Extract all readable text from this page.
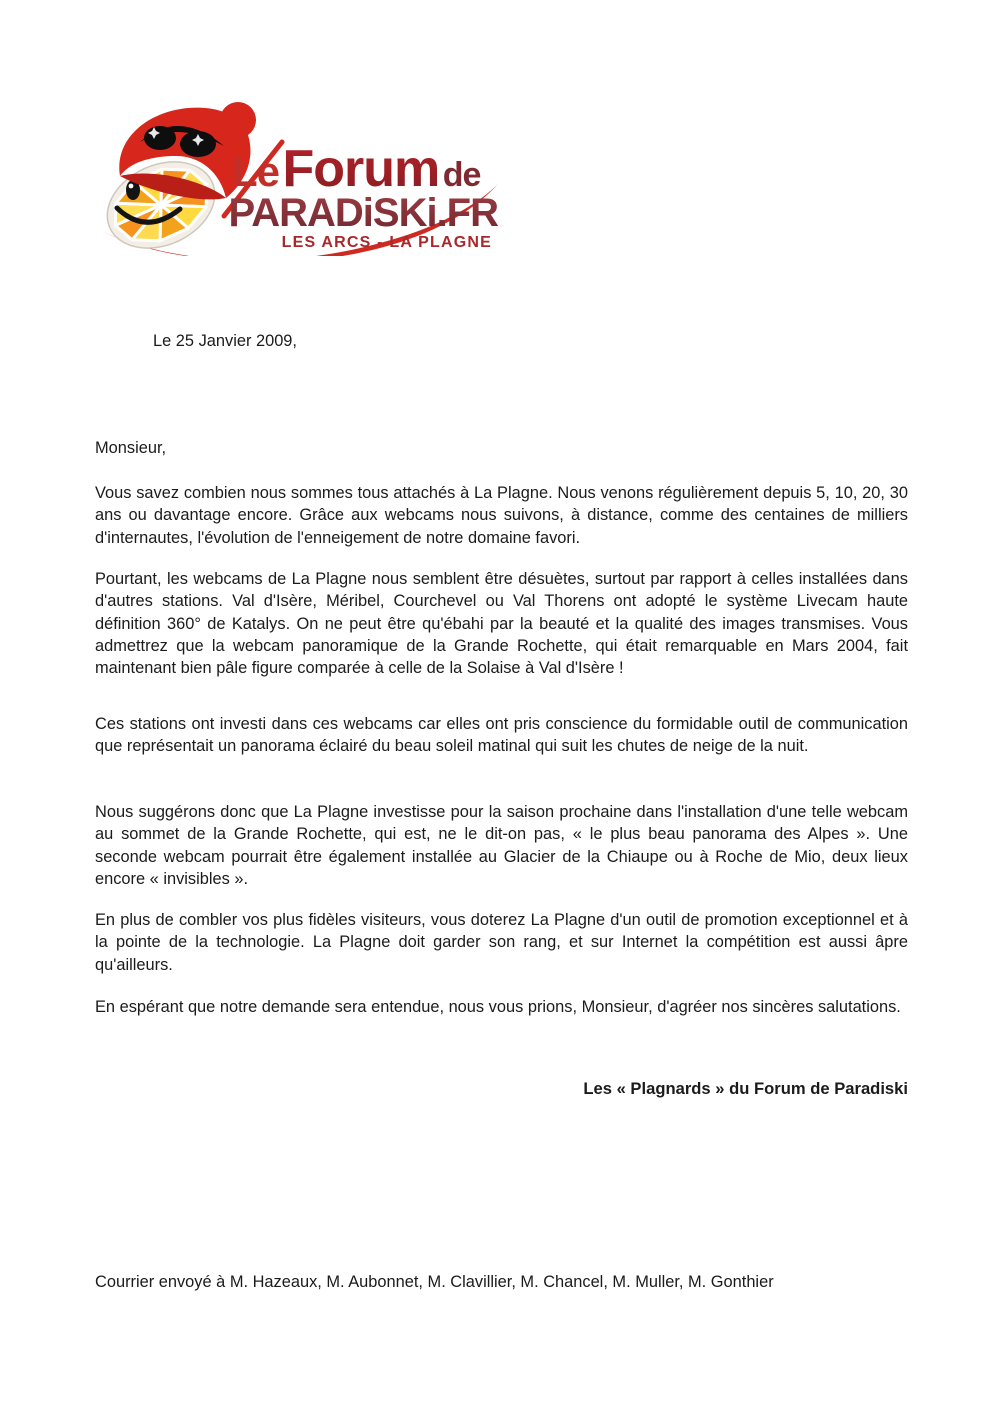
Le Forum de
PARADiSKi.FR
LES ARCS - LA PLAGNE
Le 25 Janvier 2009,
Monsieur,

Vous savez combien nous sommes tous attachés à La Plagne. Nous venons régulièrement depuis 5, 10, 20, 30 ans ou davantage encore. Grâce aux webcams nous suivons, à distance, comme des centaines de milliers d'internautes, l'évolution de l'enneigement de notre domaine favori.

Pourtant, les webcams de La Plagne nous semblent être désuètes, surtout par rapport à celles installées dans d'autres stations. Val d'Isère, Méribel, Courchevel ou Val Thorens ont adopté le système Livecam haute définition 360° de Katalys. On ne peut être qu'ébahi par la beauté et la qualité des images transmises. Vous admettrez que la webcam panoramique de la Grande Rochette, qui était remarquable en Mars 2004, fait maintenant bien pâle figure comparée à celle de la Solaise à Val d'Isère !

Ces stations ont investi dans ces webcams car elles ont pris conscience du formidable outil de communication que représentait un panorama éclairé du beau soleil matinal qui suit les chutes de neige de la nuit.

Nous suggérons donc que La Plagne investisse pour la saison prochaine dans l'installation d'une telle webcam au sommet de la Grande Rochette, qui est, ne le dit-on pas, « le plus beau panorama des Alpes ». Une seconde webcam pourrait être également installée au Glacier de la Chiaupe ou à Roche de Mio, deux lieux encore « invisibles ».

En plus de combler vos plus fidèles visiteurs, vous doterez La Plagne d'un outil de promotion exceptionnel et à la pointe de la technologie. La Plagne doit garder son rang, et sur Internet la compétition est aussi âpre qu'ailleurs.

En espérant que notre demande sera entendue, nous vous prions, Monsieur, d'agréer nos sincères salutations.

Les « Plagnards » du Forum de Paradiski
Courrier envoyé à M. Hazeaux, M. Aubonnet, M. Clavillier, M. Chancel, M. Muller, M. Gonthier
